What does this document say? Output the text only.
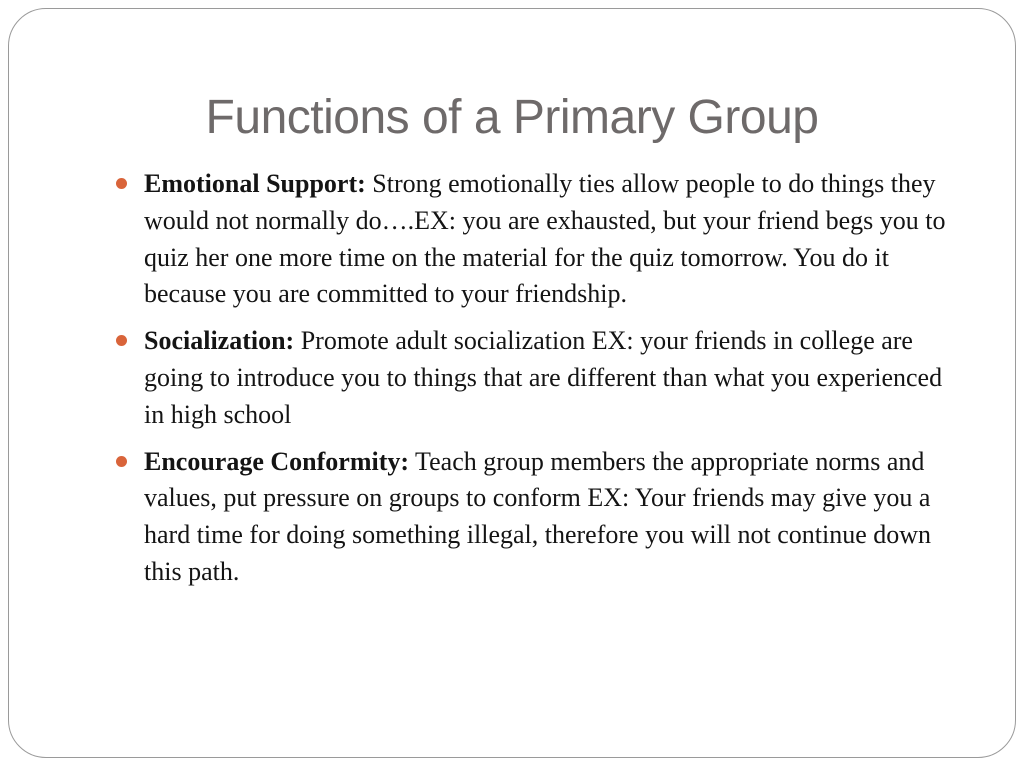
Functions of a Primary Group
Emotional Support: Strong emotionally ties allow people to do things they would not normally do….EX: you are exhausted, but your friend begs you to quiz her one more time on the material for the quiz tomorrow. You do it because you are committed to your friendship.
Socialization: Promote adult socialization EX: your friends in college are going to introduce you to things that are different than what you experienced in high school
Encourage Conformity: Teach group members the appropriate norms and values, put pressure on groups to conform EX: Your friends may give you a hard time for doing something illegal, therefore you will not continue down this path.
